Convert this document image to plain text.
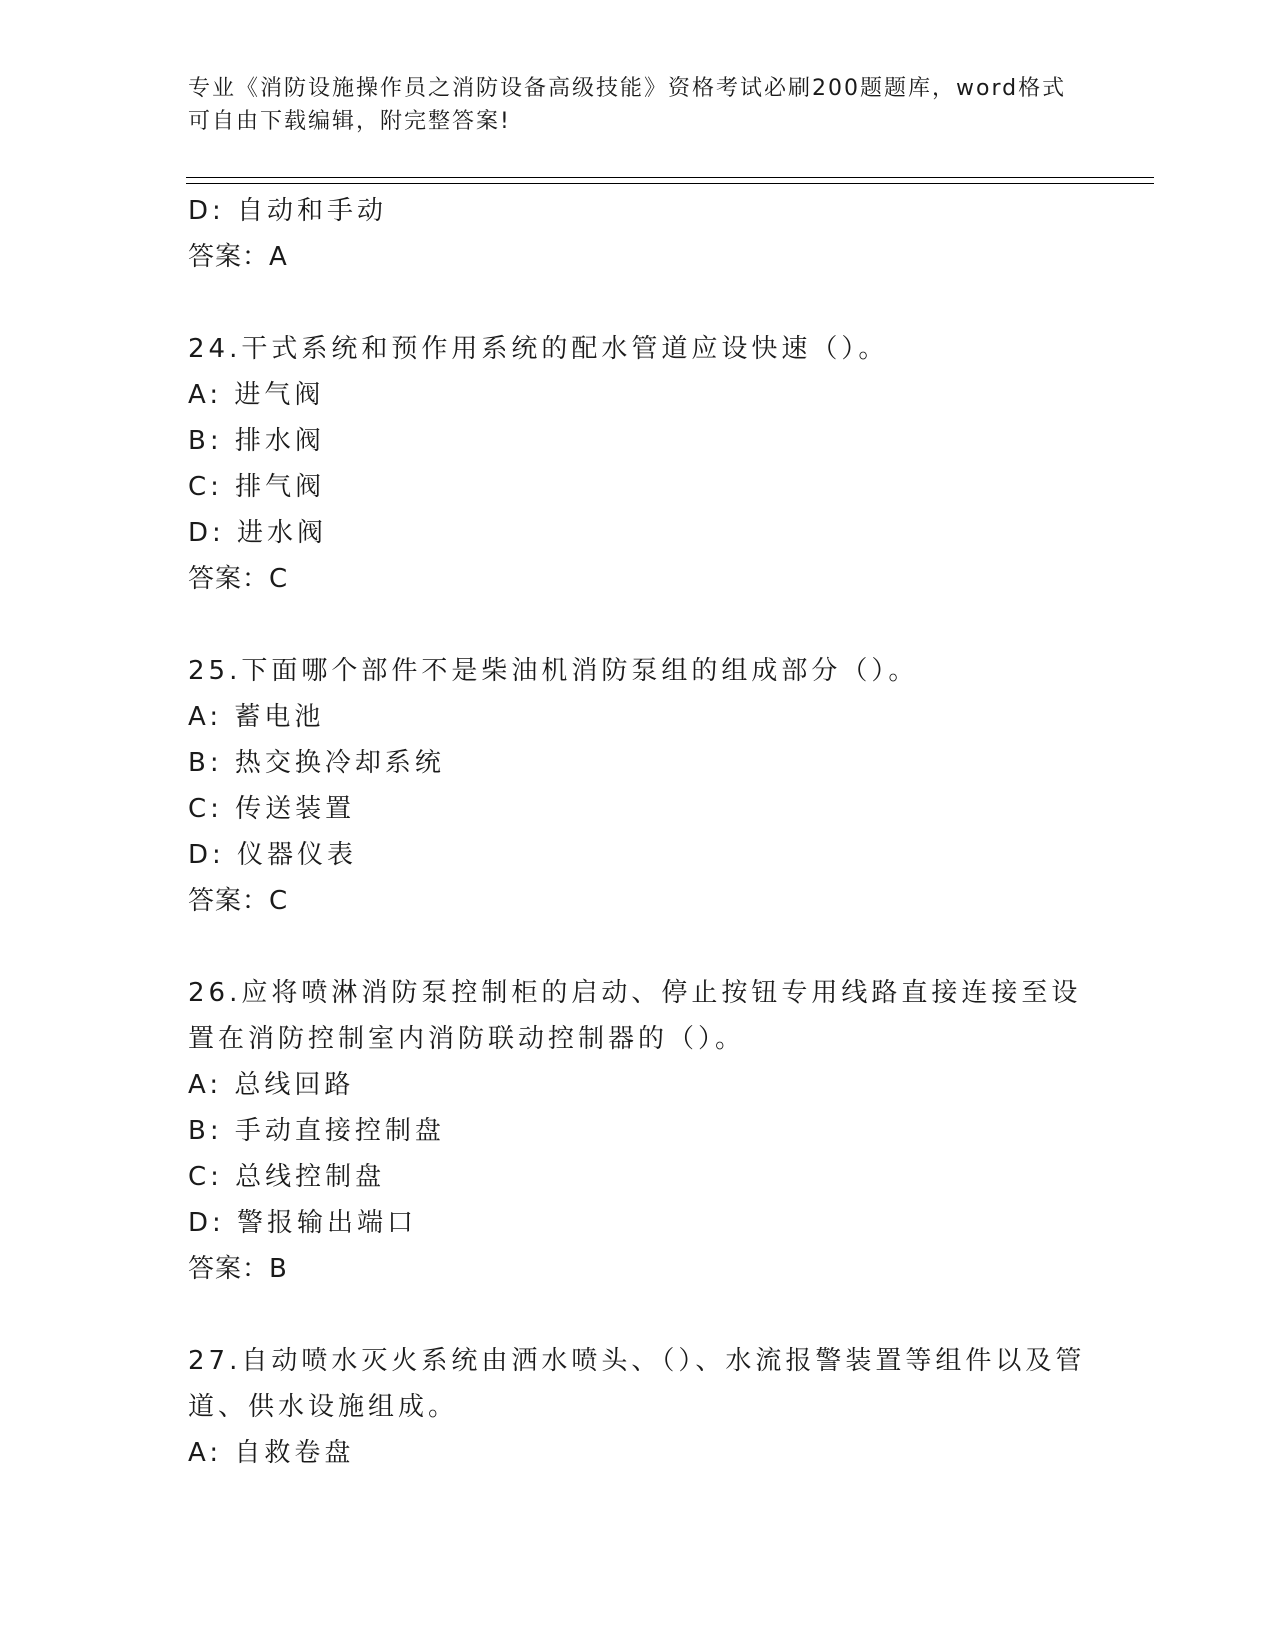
专业《消防设施操作员之消防设备高级技能》资格考试必刷200题题库，word格式可自由下载编辑，附完整答案!
D: 自动和手动
答案：A
24.干式系统和预作用系统的配水管道应设快速（）。
A: 进气阀
B: 排水阀
C: 排气阀
D: 进水阀
答案：C
25.下面哪个部件不是柴油机消防泵组的组成部分（）。
A: 蓄电池
B: 热交换冷却系统
C: 传送装置
D: 仪器仪表
答案：C
26.应将喷淋消防泵控制柜的启动、停止按钮专用线路直接连接至设置在消防控制室内消防联动控制器的（）。
A: 总线回路
B: 手动直接控制盘
C: 总线控制盘
D: 警报输出端口
答案：B
27.自动喷水灭火系统由洒水喷头、（）、水流报警装置等组件以及管道、供水设施组成。
A: 自救卷盘
